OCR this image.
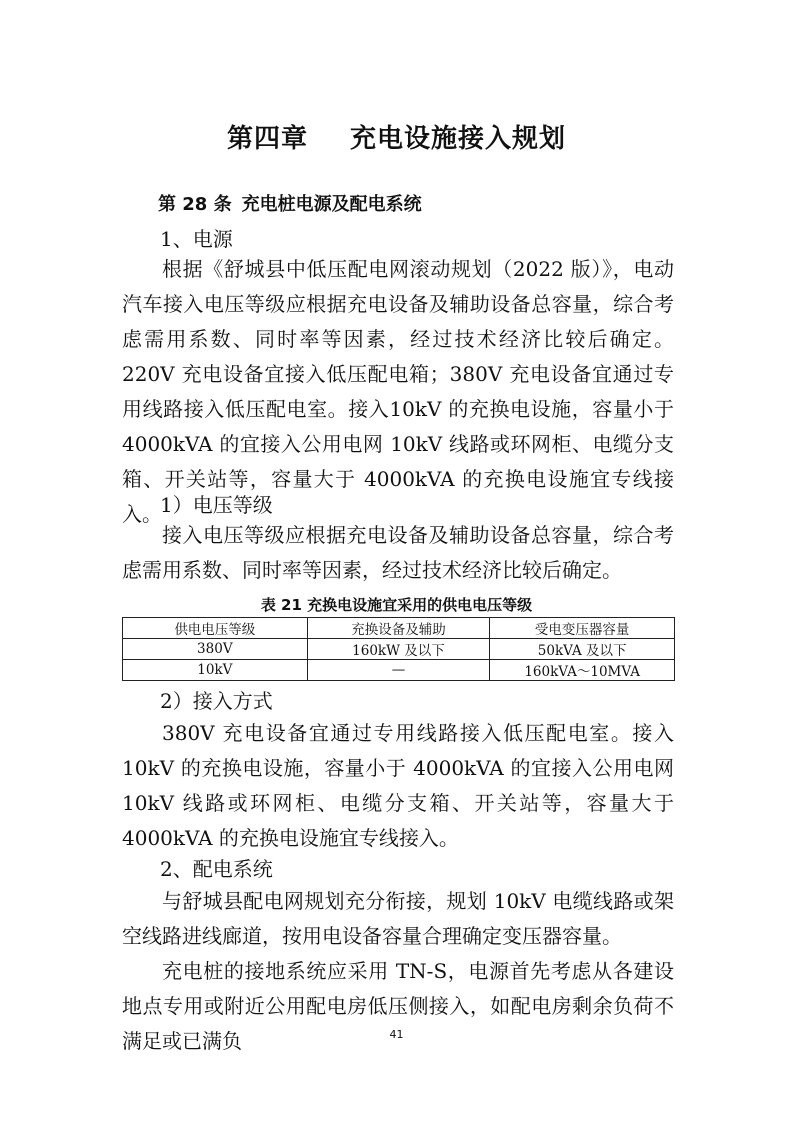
第四章 充电设施接入规划
第 28 条 充电桩电源及配电系统
1、电源
根据《舒城县中低压配电网滚动规划（2022 版）》，电动汽车接入电压等级应根据充电设备及辅助设备总容量，综合考虑需用系数、同时率等因素，经过技术经济比较后确定。220V 充电设备宜接入低压配电箱；380V 充电设备宜通过专用线路接入低压配电室。接入10kV 的充换电设施，容量小于 4000kVA 的宜接入公用电网 10kV 线路或环网柜、电缆分支箱、开关站等，容量大于 4000kVA 的充换电设施宜专线接入。
1）电压等级
接入电压等级应根据充电设备及辅助设备总容量，综合考虑需用系数、同时率等因素，经过技术经济比较后确定。
表 21 充换电设施宜采用的供电电压等级
供电电压等级	充换设备及辅助	受电变压器容量
380V	160kW 及以下	50kVA 及以下
10kV	—	160kVA～10MVA
2）接入方式
380V 充电设备宜通过专用线路接入低压配电室。接入 10kV 的充换电设施，容量小于 4000kVA 的宜接入公用电网 10kV 线路或环网柜、电缆分支箱、开关站等，容量大于 4000kVA 的充换电设施宜专线接入。
2、配电系统
与舒城县配电网规划充分衔接，规划 10kV 电缆线路或架空线路进线廊道，按用电设备容量合理确定变压器容量。
充电桩的接地系统应采用 TN-S，电源首先考虑从各建设地点专用或附近公用配电房低压侧接入，如配电房剩余负荷不满足或已满负	41
